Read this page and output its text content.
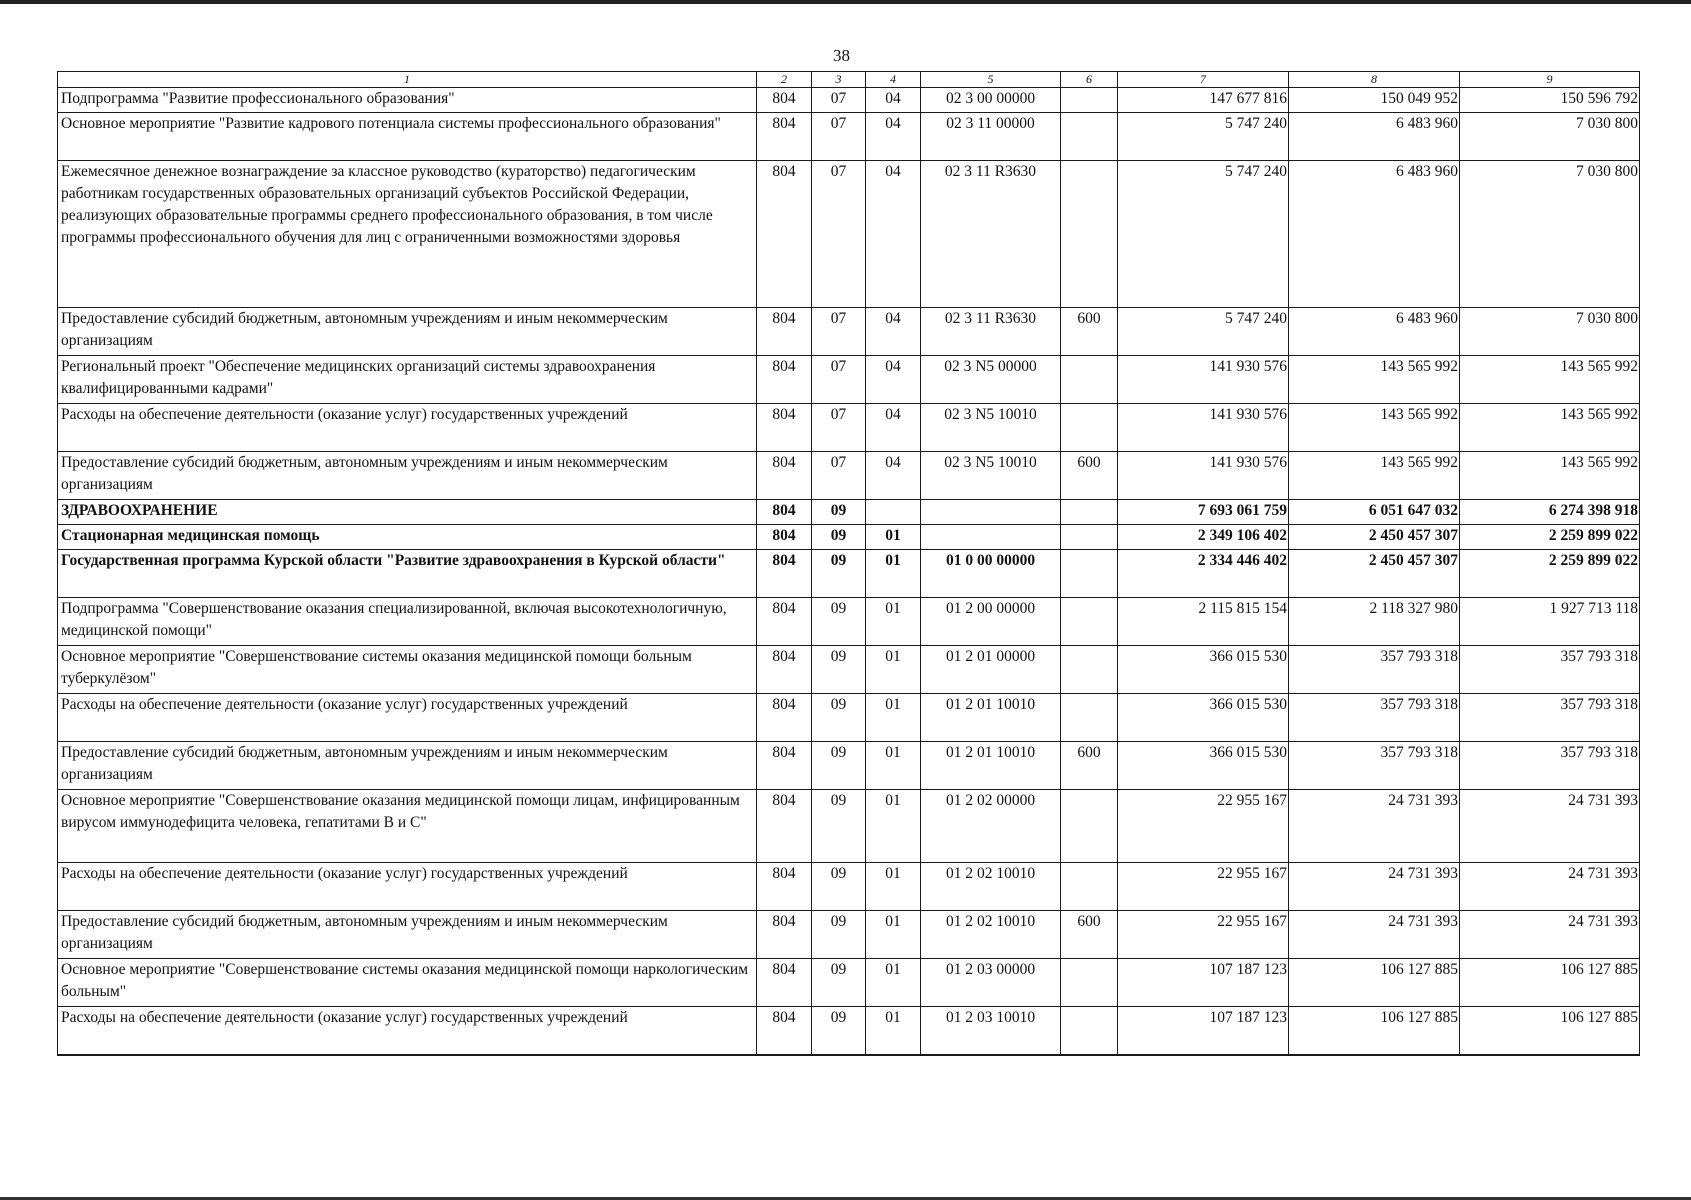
38
1	2	3	4	5	6	7	8	9
Подпрограмма "Развитие профессионального образования"	804	07	04	02 3 00 00000		147 677 816	150 049 952	150 596 792
Основное мероприятие "Развитие кадрового потенциала системы профессионального образования"	804	07	04	02 3 11 00000		5 747 240	6 483 960	7 030 800
Ежемесячное денежное вознаграждение за классное руководство (кураторство) педагогическим работникам государственных образовательных организаций субъектов Российской Федерации, реализующих образовательные программы среднего профессионального образования, в том числе программы профессионального обучения для лиц с ограниченными возможностями здоровья	804	07	04	02 3 11 R3630		5 747 240	6 483 960	7 030 800
Предоставление субсидий бюджетным, автономным учреждениям и иным некоммерческим организациям	804	07	04	02 3 11 R3630	600	5 747 240	6 483 960	7 030 800
Региональный проект "Обеспечение медицинских организаций системы здравоохранения квалифицированными кадрами"	804	07	04	02 3 N5 00000		141 930 576	143 565 992	143 565 992
Расходы на обеспечение деятельности (оказание услуг) государственных учреждений	804	07	04	02 3 N5 10010		141 930 576	143 565 992	143 565 992
Предоставление субсидий бюджетным, автономным учреждениям и иным некоммерческим организациям	804	07	04	02 3 N5 10010	600	141 930 576	143 565 992	143 565 992
ЗДРАВООХРАНЕНИЕ	804	09				7 693 061 759	6 051 647 032	6 274 398 918
Стационарная медицинская помощь	804	09	01			2 349 106 402	2 450 457 307	2 259 899 022
Государственная программа Курской области "Развитие здравоохранения в Курской области"	804	09	01	01 0 00 00000		2 334 446 402	2 450 457 307	2 259 899 022
Подпрограмма "Совершенствование оказания специализированной, включая высокотехнологичную, медицинской помощи"	804	09	01	01 2 00 00000		2 115 815 154	2 118 327 980	1 927 713 118
Основное мероприятие "Совершенствование системы оказания медицинской помощи больным туберкулёзом"	804	09	01	01 2 01 00000		366 015 530	357 793 318	357 793 318
Расходы на обеспечение деятельности (оказание услуг) государственных учреждений	804	09	01	01 2 01 10010		366 015 530	357 793 318	357 793 318
Предоставление субсидий бюджетным, автономным учреждениям и иным некоммерческим организациям	804	09	01	01 2 01 10010	600	366 015 530	357 793 318	357 793 318
Основное мероприятие "Совершенствование оказания медицинской помощи лицам, инфицированным вирусом иммунодефицита человека, гепатитами В и С"	804	09	01	01 2 02 00000		22 955 167	24 731 393	24 731 393
Расходы на обеспечение деятельности (оказание услуг) государственных учреждений	804	09	01	01 2 02 10010		22 955 167	24 731 393	24 731 393
Предоставление субсидий бюджетным, автономным учреждениям и иным некоммерческим организациям	804	09	01	01 2 02 10010	600	22 955 167	24 731 393	24 731 393
Основное мероприятие "Совершенствование системы оказания медицинской помощи наркологическим больным"	804	09	01	01 2 03 00000		107 187 123	106 127 885	106 127 885
Расходы на обеспечение деятельности (оказание услуг) государственных учреждений	804	09	01	01 2 03 10010		107 187 123	106 127 885	106 127 885
